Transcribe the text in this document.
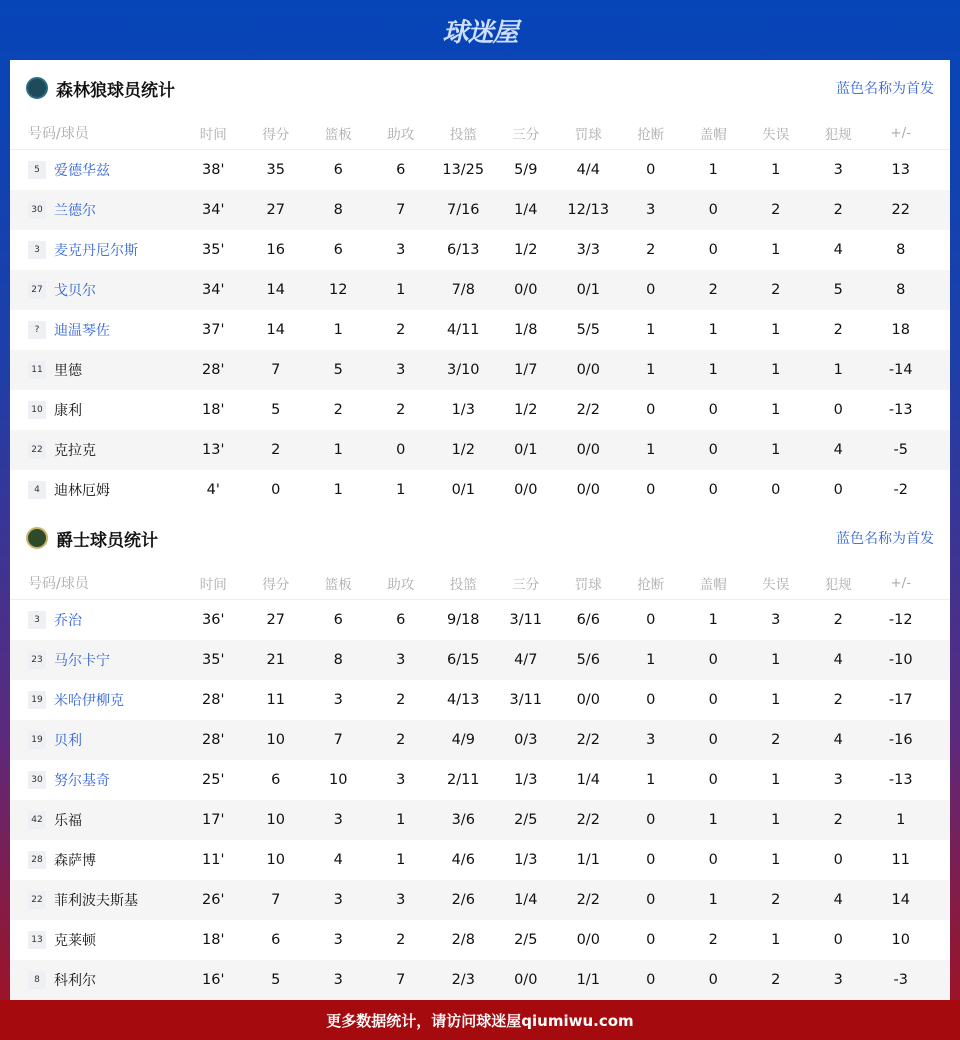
球迷屋
森林狼球员统计	蓝色名称为首发
号码/球员	时间	得分	篮板	助攻	投篮	三分	罚球	抢断	盖帽	失误	犯规	+/-
5	爱德华兹	38'	35	6	6	13/25	5/9	4/4	0	1	1	3	13
30 兰德尔	34'	27	8	7	7/16	1/4	12/13	3	0	2	2	22
3	麦克丹尼尔斯	35'	16	6	3	6/13	1/2	3/3	2	0	1	4	8
27 戈贝尔	34'	14	12	1	7/8	0/0	0/1	0	2	2	5	8
?	迪温琴佐	37'	14	1	2	4/11	1/8	5/5	1	1	1	2	18
11 里德	28'	7	5	3	3/10	1/7	0/0	1	1	1	1	-14
10 康利	18'	5	2	2	1/3	1/2	2/2	0	0	1	0	-13
22 克拉克	13'	2	1	0	1/2	0/1	0/0	1	0	1	4	-5
4	迪林厄姆	4'	0	1	1	0/1	0/0	0/0	0	0	0	0	-2
爵士球员统计	蓝色名称为首发
号码/球员	时间	得分	篮板	助攻	投篮	三分	罚球	抢断	盖帽	失误	犯规	+/-
3	乔治	36'	27	6	6	9/18	3/11	6/6	0	1	3	2	-12
23 马尔卡宁	35'	21	8	3	6/15	4/7	5/6	1	0	1	4	-10
19 米哈伊柳克	28'	11	3	2	4/13	3/11	0/0	0	0	1	2	-17
19 贝利	28'	10	7	2	4/9	0/3	2/2	3	0	2	4	-16
30 努尔基奇	25'	6	10	3	2/11	1/3	1/4	1	0	1	3	-13
42 乐福	17'	10	3	1	3/6	2/5	2/2	0	1	1	2	1
28 森萨博	11'	10	4	1	4/6	1/3	1/1	0	0	1	0	11
22 菲利波夫斯基	26'	7	3	3	2/6	1/4	2/2	0	1	2	4	14
13 克莱顿	18'	6	3	2	2/8	2/5	0/0	0	2	1	0	10
8	科利尔	16'	5	3	7	2/3	0/0	1/1	0	0	2	3	-3
更多数据统计，请访问球迷屋qiumiwu.com
